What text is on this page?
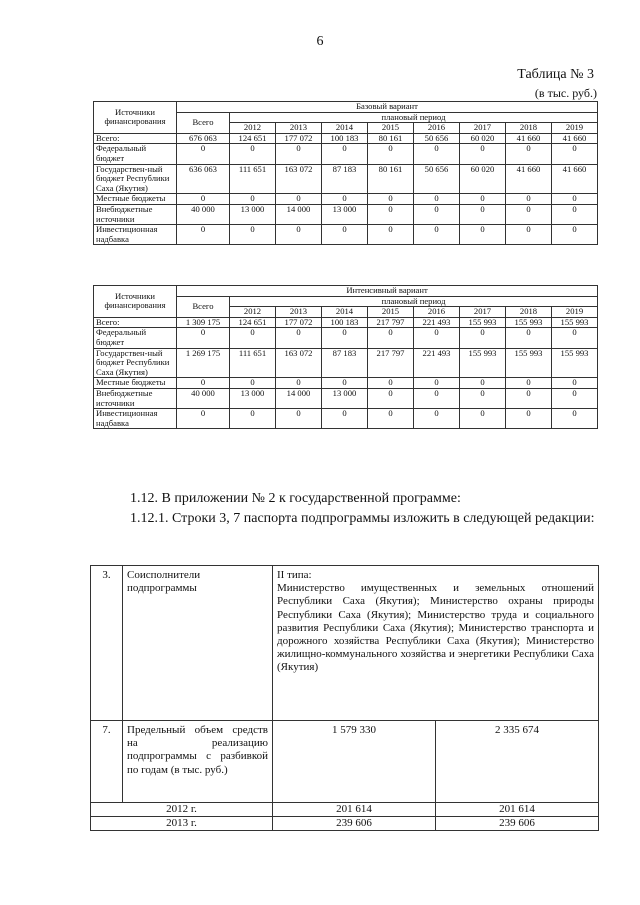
6
Таблица № 3
(в тыс. руб.)
Источники финансирования	Базовый вариант								
	Всего	плановый период							
		2012	2013	2014	2015	2016	2017	2018	2019
Всего:	676 063	124 651	177 072	100 183	80 161	50 656	60 020	41 660	41 660
Федеральный бюджет	0	0	0	0	0	0	0	0	0
Государствен-ный бюджет Республики Саха (Якутия)	636 063	111 651	163 072	87 183	80 161	50 656	60 020	41 660	41 660
Местные бюджеты	0	0	0	0	0	0	0	0	0
Внебюджетные источники	40 000	13 000	14 000	13 000	0	0	0	0	0
Инвестиционная надбавка	0	0	0	0	0	0	0	0	0
Источники финансирования	Интенсивный вариант								
	Всего	плановый период							
		2012	2013	2014	2015	2016	2017	2018	2019
Всего:	1 309 175	124 651	177 072	100 183	217 797	221 493	155 993	155 993	155 993
Федеральный бюджет	0	0	0	0	0	0	0	0	0
Государствен-ный бюджет Республики Саха (Якутия)	1 269 175	111 651	163 072	87 183	217 797	221 493	155 993	155 993	155 993
Местные бюджеты	0	0	0	0	0	0	0	0	0
Внебюджетные источники	40 000	13 000	14 000	13 000	0	0	0	0	0
Инвестиционная надбавка	0	0	0	0	0	0	0	0	0
1.12. В приложении № 2 к государственной программе:
1.12.1. Строки 3, 7 паспорта подпрограммы изложить в следующей редакции:
3.	Соисполнители подпрограммы	II типа:
Министерство имущественных и земельных отношений Республики Саха (Якутия); Министерство охраны природы Республики Саха (Якутия); Министерство труда и социального развития Республики Саха (Якутия); Министерство транспорта и дорожного хозяйства Республики Саха (Якутия); Министерство жилищно-коммунального хозяйства и энергетики Республики Саха (Якутия)	

7.	Предельный объем средств на реализацию подпрограммы с разбивкой по годам (в тыс. руб.)	1 579 330	2 335 674
2012 г.		201 614	201 614
2013 г.		239 606	239 606
